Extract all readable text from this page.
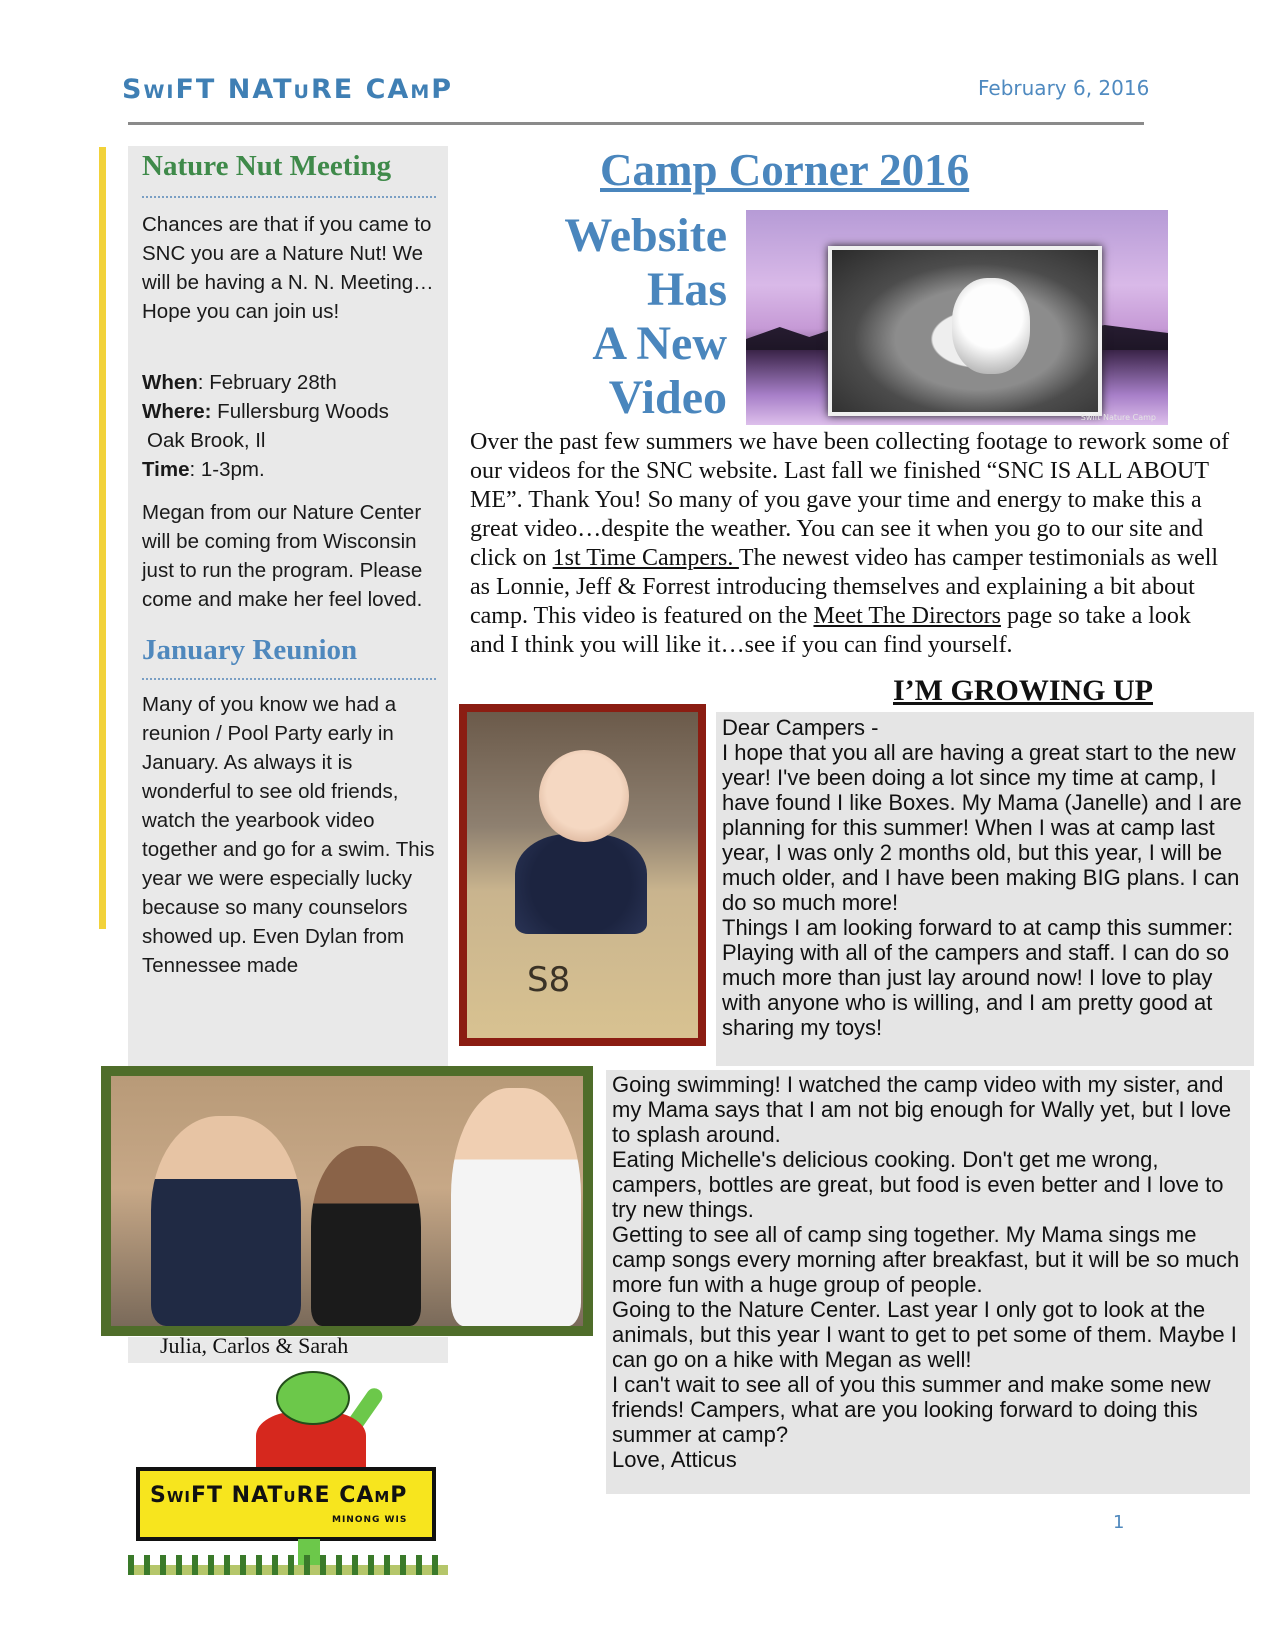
SwiFT NATuRE CAmP	February 6, 2016
Nature Nut Meeting
Chances are that if you came to SNC you are a Nature Nut! We will be having a N. N. Meeting… Hope you can join us!
When: February 28th
Where: Fullersburg Woods
Oak Brook, Il
Time: 1-3pm.
Megan from our Nature Center will be coming from Wisconsin just to run the program. Please come and make her feel loved.
January Reunion
Many of you know we had a reunion / Pool Party early in January. As always it is wonderful to see old friends, watch the yearbook video together and go for a swim. This year we were especially lucky because so many counselors showed up. Even Dylan from Tennessee made
Camp Corner 2016
Website
Has
A New
Video	Swift Nature Camp
Over the past few summers we have been collecting footage to rework some of our videos for the SNC website. Last fall we finished “SNC IS ALL ABOUT ME”. Thank You! So many of you gave your time and energy to make this a great video…despite the weather. You can see it when you go to our site and click on 1st Time Campers. The newest video has camper testimonials as well as Lonnie, Jeff & Forrest introducing themselves and explaining a bit about camp. This video is featured on the Meet The Directors page so take a look and I think you will like it…see if you can find yourself.
I’M GROWING UP
S8
Dear Campers -
I hope that you all are having a great start to the new year! I've been doing a lot since my time at camp, I have found I like Boxes. My Mama (Janelle) and I are planning for this summer! When I was at camp last year, I was only 2 months old, but this year, I will be much older, and I have been making BIG plans. I can do so much more!
Things I am looking forward to at camp this summer:
Playing with all of the campers and staff. I can do so much more than just lay around now! I love to play with anyone who is willing, and I am pretty good at sharing my toys!
Going swimming! I watched the camp video with my sister, and my Mama says that I am not big enough for Wally yet, but I love to splash around.
Eating Michelle's delicious cooking. Don't get me wrong, campers, bottles are great, but food is even better and I love to try new things.
Getting to see all of camp sing together. My Mama sings me camp songs every morning after breakfast, but it will be so much more fun with a huge group of people.
Going to the Nature Center. Last year I only got to look at the animals, but this year I want to get to pet some of them. Maybe I can go on a hike with Megan as well!
I can't wait to see all of you this summer and make some new friends! Campers, what are you looking forward to doing this summer at camp?
Love, Atticus
Julia, Carlos & Sarah
SwiFT NATuRE CAmP
MINONG WIS	1
